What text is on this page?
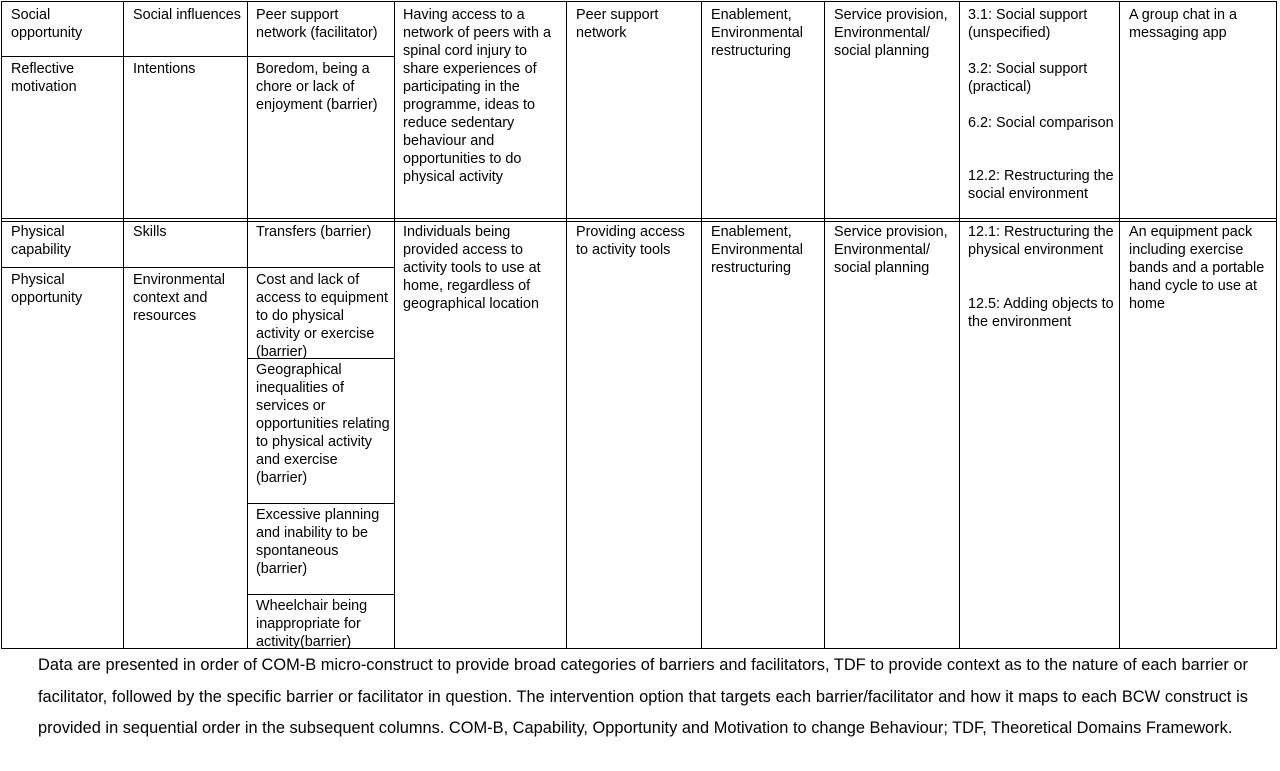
Social opportunity
Reflective motivation
Social influences
Intentions
Peer support network (facilitator)
Boredom, being a chore or lack of enjoyment (barrier)
Having access to a network of peers with a spinal cord injury to share experiences of participating in the programme, ideas to reduce sedentary behaviour and opportunities to do physical activity
Peer support network
Enablement, Environmental restructuring
Service provision, Environmental/ social planning
3.1: Social support (unspecified)
3.2: Social support (practical)
6.2: Social comparison
12.2: Restructuring the social environment
A group chat in a messaging app
Physical capability
Physical opportunity
Skills
Environmental context and resources
Transfers (barrier)
Cost and lack of access to equipment to do physical activity or exercise (barrier)
Geographical inequalities of services or opportunities relating to physical activity and exercise (barrier)
Excessive planning and inability to be spontaneous (barrier)
Wheelchair being inappropriate for activity(barrier)
Individuals being provided access to activity tools to use at home, regardless of geographical location
Providing access to activity tools
Enablement, Environmental restructuring
Service provision, Environmental/ social planning
12.1: Restructuring the physical environment
12.5: Adding objects to the environment
An equipment pack including exercise bands and a portable hand cycle to use at home
Data are presented in order of COM-B micro-construct to provide broad categories of barriers and facilitators, TDF to provide context as to the nature of each barrier or facilitator, followed by the specific barrier or facilitator in question. The intervention option that targets each barrier/facilitator and how it maps to each BCW construct is provided in sequential order in the subsequent columns. COM-B, Capability, Opportunity and Motivation to change Behaviour; TDF, Theoretical Domains Framework.
